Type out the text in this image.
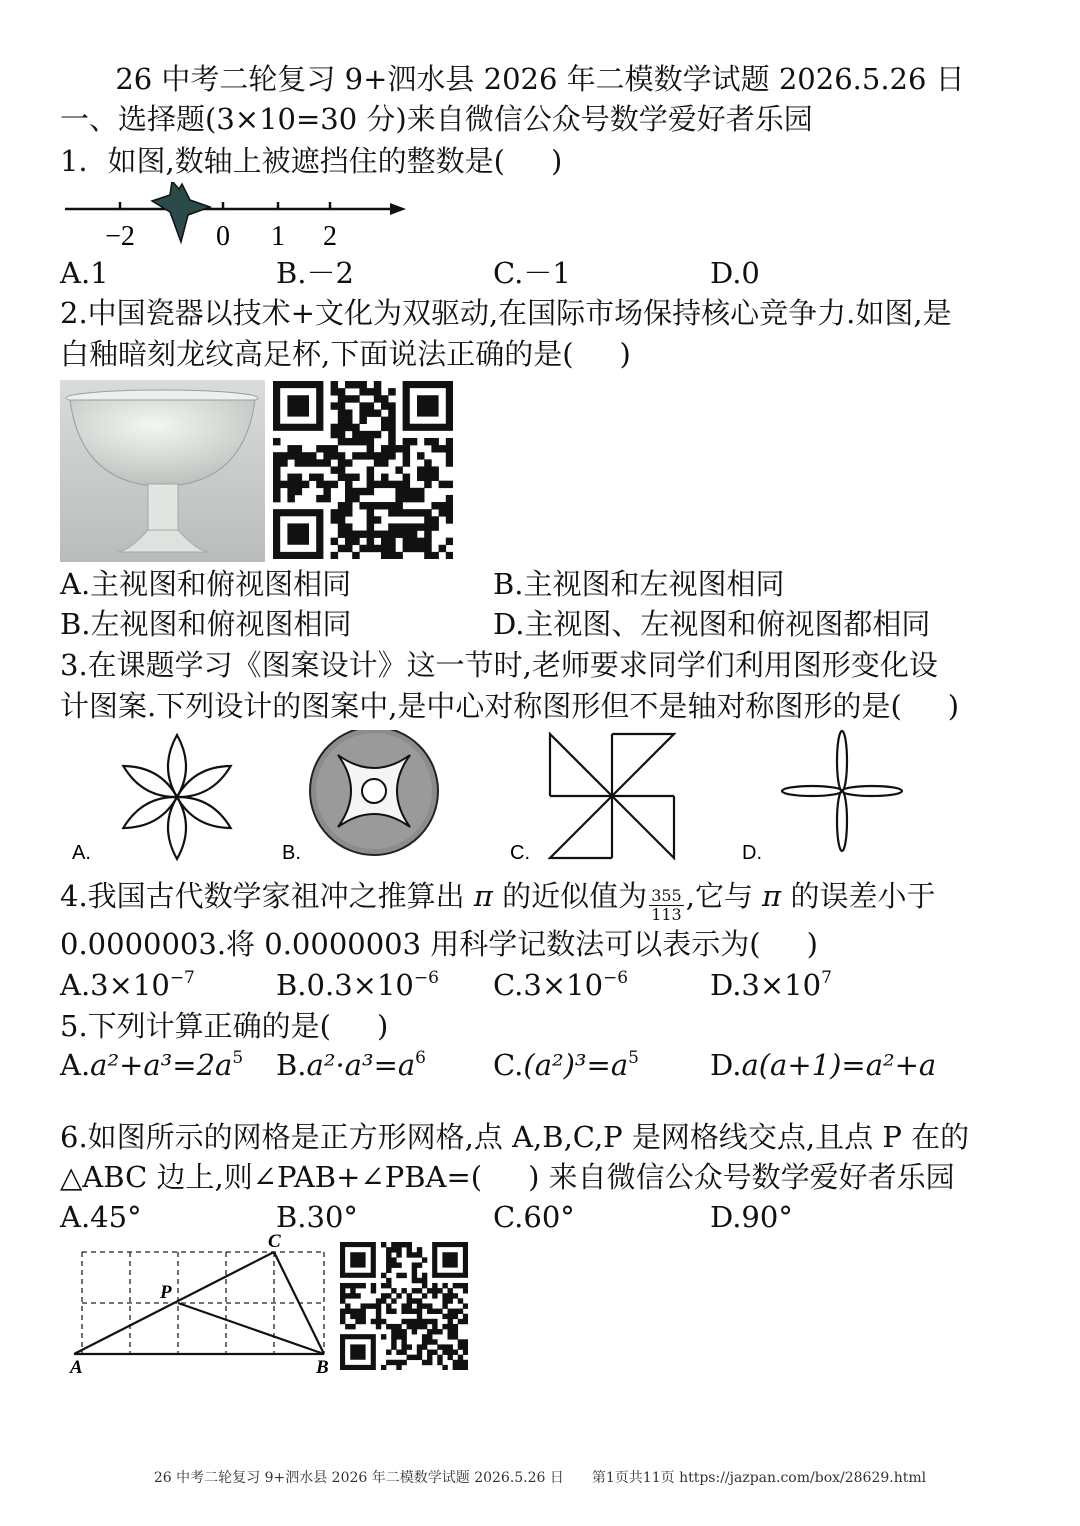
26 中考二轮复习 9+泗水县 2026 年二模数学试题 2026.5.26 日
一、选择题(3×10=30 分)来自微信公众号数学爱好者乐园
1．如图,数轴上被遮挡住的整数是( )
−2	0 1 2
A.1	B.－2	C.－1	D.0
2.中国瓷器以技术+文化为双驱动,在国际市场保持核心竞争力.如图,是
白釉暗刻龙纹高足杯,下面说法正确的是( )
A.主视图和俯视图相同	B.主视图和左视图相同
B.左视图和俯视图相同	D.主视图、左视图和俯视图都相同
3.在课题学习《图案设计》这一节时,老师要求同学们利用图形变化设
计图案.下列设计的图案中,是中心对称图形但不是轴对称图形的是( )
A.	B.	C.	D.
4.我国古代数学家祖冲之推算出 π 的近似值为 $\frac{355}{113}$ ,它与 π 的误差小于
0.0000003.将 0.0000003 用科学记数法可以表示为( )
$A.3\times 10^{-7}$	$B.0.3\times 10^{-6}$ $C.3\times 10^{-6}$	$D.3\times 10^7$
5.下列计算正确的是( )
$A.a^2+a^3=2a^5$ $B.a^2\cdot a^3=a^6$ $C.(a^2)^3=a^5$ D.a(a+1)=a²+a
6.如图所示的网格是正方形网格,点 A,B,C,P 是网格线交点,且点 P 在的
△ABC 边上,则∠PAB+∠PBA=( ) 来自微信公众号数学爱好者乐园
A.45°	B.30°	C.60°	D.90°
A	B
C
P
26 中考二轮复习 9+泗水县 2026 年二模数学试题 2026.5.26 日　　第1页共11页 https://jazpan.com/box/28629.html
